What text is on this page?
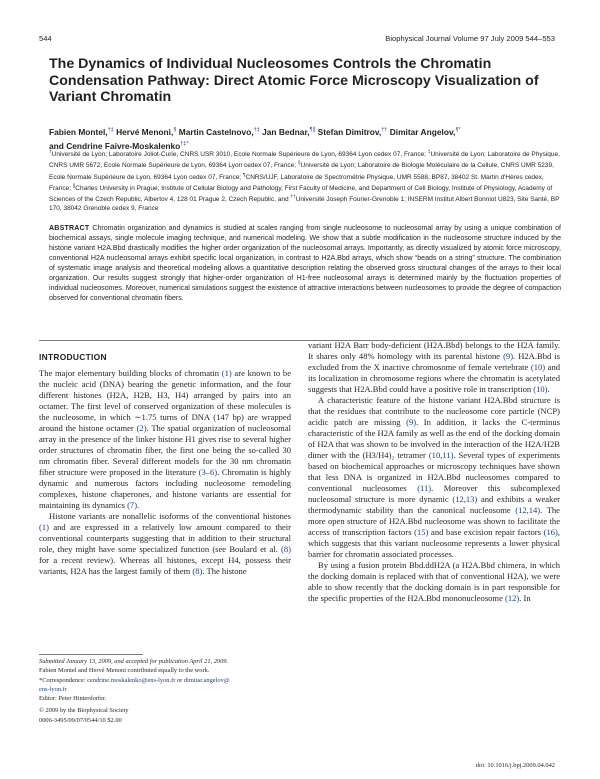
544	Biophysical Journal Volume 97 July 2009 544–553
The Dynamics of Individual Nucleosomes Controls the Chromatin Condensation Pathway: Direct Atomic Force Microscopy Visualization of Variant Chromatin
Fabien Montel,†‡ Hervé Menoni,§ Martin Castelnovo,†‡ Jan Bednar,¶∥ Stefan Dimitrov,†† Dimitar Angelov,§*
and Cendrine Faivre-Moskalenko†‡*
†Université de Lyon; Laboratoire Joliot-Curie, CNRS USR 3010, Ecole Normale Supérieure de Lyon, 69364 Lyon cedex 07, France; ‡Université de Lyon; Laboratoire de Physique, CNRS UMR 5672, Ecole Normale Supérieure de Lyon, 69364 Lyon cedex 07, France; §Université de Lyon; Laboratoire de Biologie Moléculaire de la Cellule, CNRS UMR 5239, Ecole Normale Supérieure de Lyon, 69364 Lyon cedex 07, France; ¶CNRS/UJF, Laboratoire de Spectrométrie Physique, UMR 5588, BP87, 38402 St. Martin d'Hères cedex, France; ∥Charles University in Prague, Institute of Cellular Biology and Pathology, First Faculty of Medicine, and Department of Cell Biology, Institute of Physiology, Academy of Sciences of the Czech Republic, Albertov 4, 128 01 Prague 2, Czech Republic, and ††Université Joseph Fourier-Grenoble 1; INSERM Institut Albert Bonniot U823, Site Santé, BP 170, 38042 Grenoble cedex 9, France
ABSTRACT Chromatin organization and dynamics is studied at scales ranging from single nucleosome to nucleosomal array by using a unique combination of biochemical assays, single molecule imaging technique, and numerical modeling. We show that a subtle modification in the nucleosome structure induced by the histone variant H2A.Bbd drastically modifies the higher order organization of the nucleosomal arrays. Importantly, as directly visualized by atomic force microscopy, conventional H2A nucleosomal arrays exhibit specific local organization, in contrast to H2A.Bbd arrays, which show “beads on a string” structure. The combination of systematic image analysis and theoretical modeling allows a quantitative description relating the observed gross structural changes of the arrays to their local organization. Our results suggest strongly that higher-order organization of H1-free nucleosomal arrays is determined mainly by the fluctuation properties of individual nucleosomes. Moreover, numerical simulations suggest the existence of attractive interactions between nucleosomes to provide the degree of compaction observed for conventional chromatin fibers.
INTRODUCTION

The major elementary building blocks of chromatin (1) are known to be the nucleic acid (DNA) bearing the genetic information, and the four different histones (H2A, H2B, H3, H4) arranged by pairs into an octamer. The first level of conserved organization of these molecules is the nucleosome, in which ∼1.75 turns of DNA (147 bp) are wrapped around the histone octamer (2). The spatial organization of nucleosomal array in the presence of the linker histone H1 gives rise to several higher order structures of chromatin fiber, the first one being the so-called 30 nm chromatin fiber. Several different models for the 30 nm chromatin fiber structure were proposed in the literature (3–6). Chromatin is highly dynamic and numerous factors including nucleosome remodeling complexes, histone chaperones, and histone variants are essential for maintaining its dynamics (7).

Histone variants are nonallelic isoforms of the conventional histones (1) and are expressed in a relatively low amount compared to their conventional counterparts suggesting that in addition to their structural role, they might have some specialized function (see Boulard et al. (8) for a recent review). Whereas all histones, except H4, possess their variants, H2A has the largest family of them (8). The histone

variant H2A Barr body-deficient (H2A.Bbd) belongs to the H2A family. It shares only 48% homology with its parental histone (9). H2A.Bbd is excluded from the X inactive chromosome of female vertebrate (10) and its localization in chromosome regions where the chromatin is acetylated suggests that H2A.Bbd could have a positive role in transcription (10).

A characteristic feature of the histone variant H2A.Bbd structure is that the residues that contribute to the nucleosome core particle (NCP) acidic patch are missing (9). In addition, it lacks the C-terminus characteristic of the H2A family as well as the end of the docking domain of H2A that was shown to be involved in the interaction of the H2A/H2B dimer with the (H3/H4)₂ tetramer (10,11). Several types of experiments based on biochemical approaches or microscopy techniques have shown that less DNA is organized in H2A.Bbd nucleosomes compared to conventional nucleosomes (11). Moreover this subcomplexed nucleosomal structure is more dynamic (12,13) and exhibits a weaker thermodynamic stability than the canonical nucleosome (12,14). The more open structure of H2A.Bbd nucleosome was shown to facilitate the access of transcription factors (15) and base excision repair factors (16), which suggests that this variant nucleosome represents a lower physical barrier for chromatin associated processes.

By using a fusion protein Bbd.ddH2A (a H2A.Bbd chimera, in which the docking domain is replaced with that of conventional H2A), we were able to show recently that the docking domain is in part responsible for the specific properties of the H2A.Bbd mononucleosome (12). In

Submitted January 13, 2009, and accepted for publication April 21, 2009.
Fabien Montel and Hervé Menoni contributed equally to the work.
*Correspondence: cendrine.moskalenko@ens-lyon.fr or dimitar.angelov@
ens-lyon.fr
Editor: Peter Hinterdorfer.
© 2009 by the Biophysical Society
0006-3495/09/07/0544/10 $2.00
doi: 10.1016/j.bpj.2009.04.042
